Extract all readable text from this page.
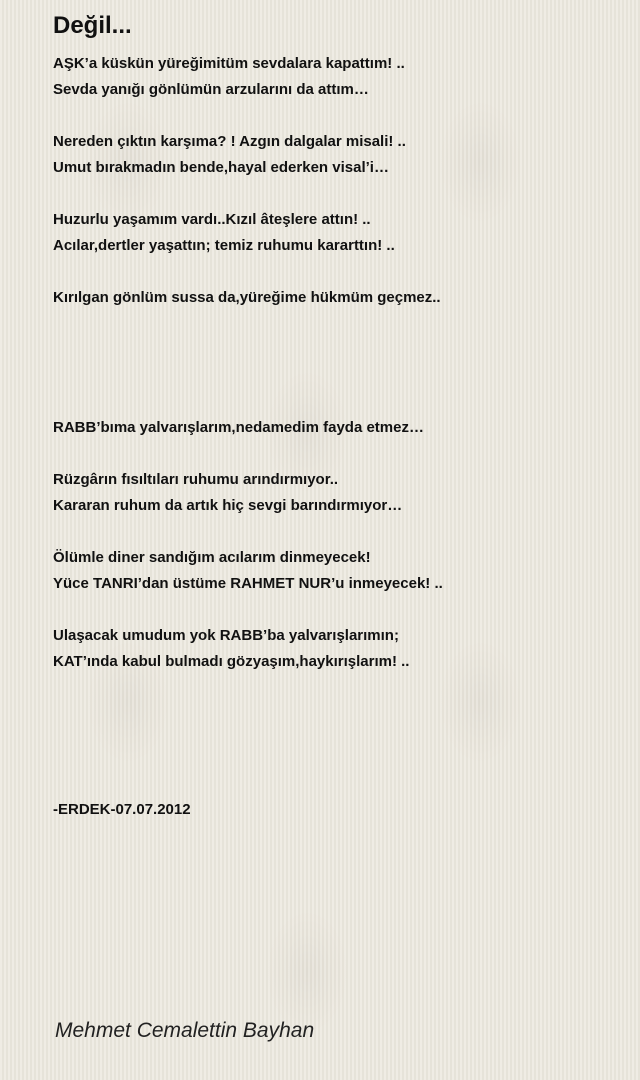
Değil...
AŞK’a küskün yüreğimitüm sevdalara kapattım! ..
Sevda yanığı gönlümün arzularını da attım…
Nereden çıktın karşıma? ! Azgın dalgalar misali! ..
Umut bırakmadın bende,hayal ederken visal’i…
Huzurlu yaşamım vardı..Kızıl âteşlere attın! ..
Acılar,dertler yaşattın; temiz ruhumu kararttın! ..
Kırılgan gönlüm sussa da,yüreğime hükmüm geçmez..
RABB’bıma yalvarışlarım,nedamedim fayda etmez…
Rüzgârın fısıltıları ruhumu arındırmıyor..
Kararan ruhum da artık hiç sevgi barındırmıyor…
Ölümle diner sandığım acılarım dinmeyecek!
Yüce TANRI’dan üstüme RAHMET NUR’u inmeyecek! ..
Ulaşacak umudum yok RABB’ba yalvarışlarımın;
KAT’ında kabul bulmadı gözyaşım,haykırışlarım! ..
-ERDEK-07.07.2012
Mehmet Cemalettin Bayhan
